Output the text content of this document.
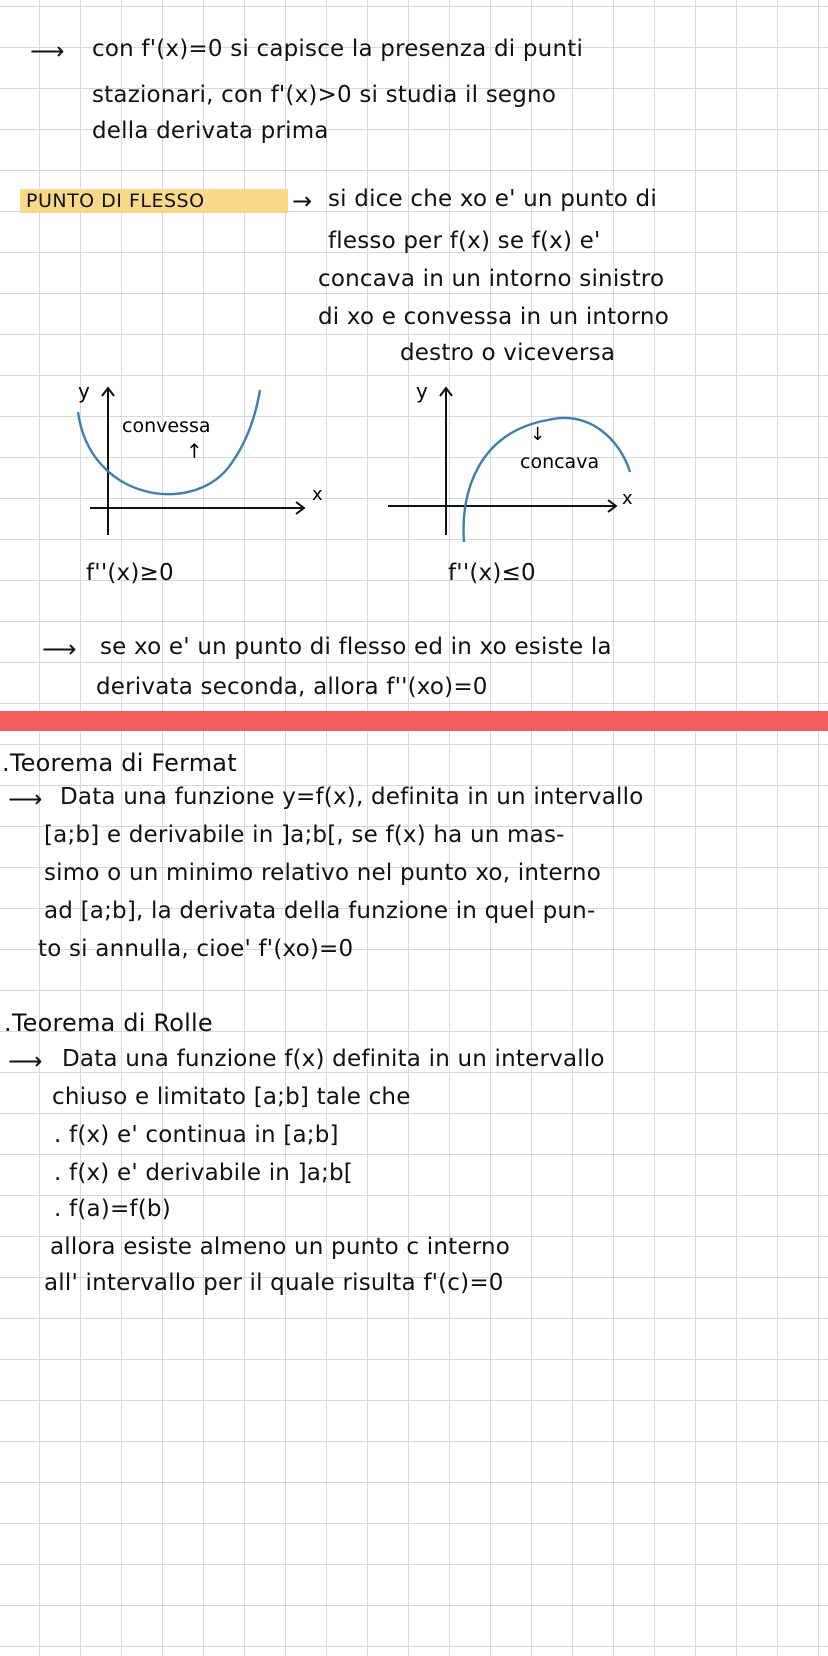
⟶ con f'(x)=0 si capisce la presenza di punti
stazionari, con f'(x)>0 si studia il segno
della derivata prima
PUNTO DI FLESSO	→ si dice che xo e' un punto di
flesso per f(x) se f(x) e'
concava in un intorno sinistro
di xo e convessa in un intorno
destro o viceversa
y
x
convessa
↑
f''(x)≥0
y
x
concava
↓
f''(x)≤0
⟶ se xo e' un punto di flesso ed in xo esiste la
derivata seconda, allora f''(xo)=0
.Teorema di Fermat
⟶ Data una funzione y=f(x), definita in un intervallo
[a;b] e derivabile in ]a;b[, se f(x) ha un mas-
simo o un minimo relativo nel punto xo, interno
ad [a;b], la derivata della funzione in quel pun-
to si annulla, cioe' f'(xo)=0
.Teorema di Rolle
⟶ Data una funzione f(x) definita in un intervallo
chiuso e limitato [a;b] tale che
. f(x) e' continua in [a;b]
. f(x) e' derivabile in ]a;b[
. f(a)=f(b)
allora esiste almeno un punto c interno
all' intervallo per il quale risulta f'(c)=0
